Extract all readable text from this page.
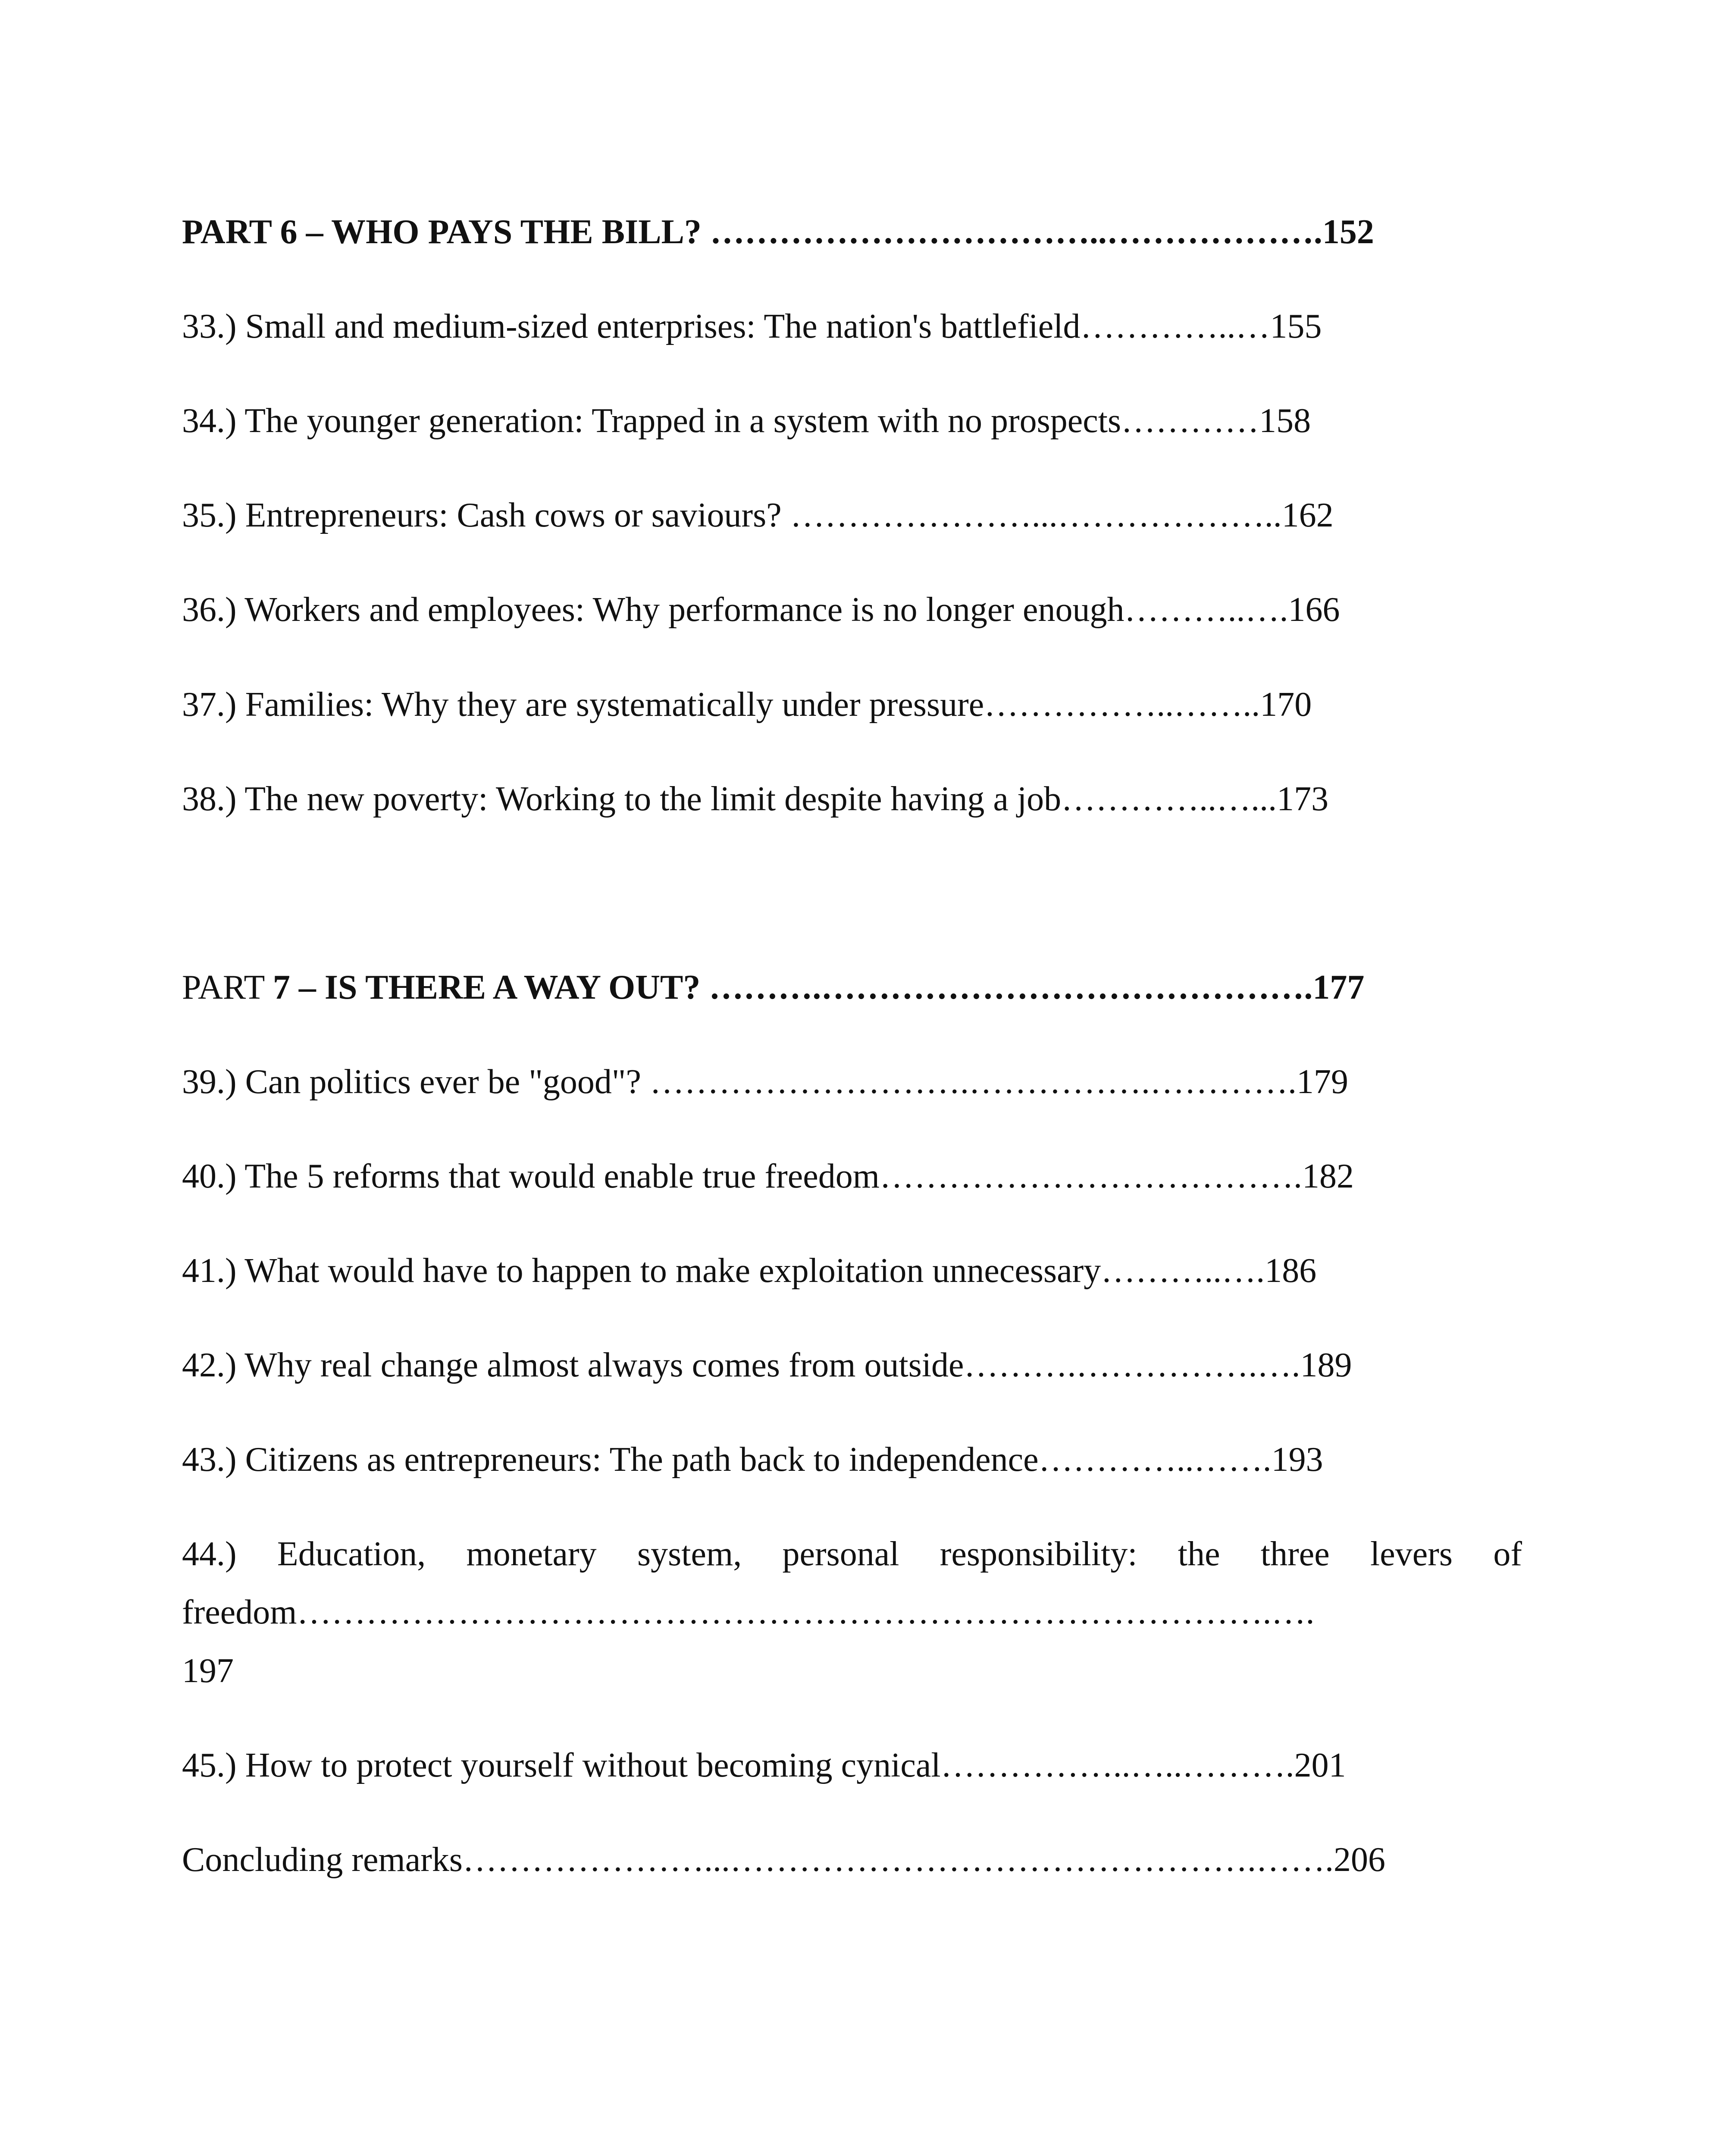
PART 6 – WHO PAYS THE BILL? ……………………………..……………….152
33.) Small and medium-sized enterprises: The nation's battlefield…………..…155
34.) The younger generation: Trapped in a system with no prospects…………158
35.) Entrepreneurs: Cash cows or saviours? …………………...………………..162
36.) Workers and employees: Why performance is no longer enough………..….166
37.) Families: Why they are systematically under pressure……………..……..170
38.) The new poverty: Working to the limit despite having a job…………..…...173
PART 7 – IS THERE A WAY OUT? ……….…………………………………….177
39.) Can politics ever be "good"? ……………………….…………….………….179
40.) The 5 reforms that would enable true freedom……………………………….182
41.) What would have to happen to make exploitation unnecessary………..….186
42.) Why real change almost always comes from outside……….…………….….189
43.) Citizens as entrepreneurs: The path back to independence…………..…….193
44.) Education, monetary system, personal responsibility: the three levers of
freedom………………………………………………………………………….….
197
45.) How to protect yourself without becoming cynical……………..…..……….201
Concluding remarks…………………...……………………………………….…….206
